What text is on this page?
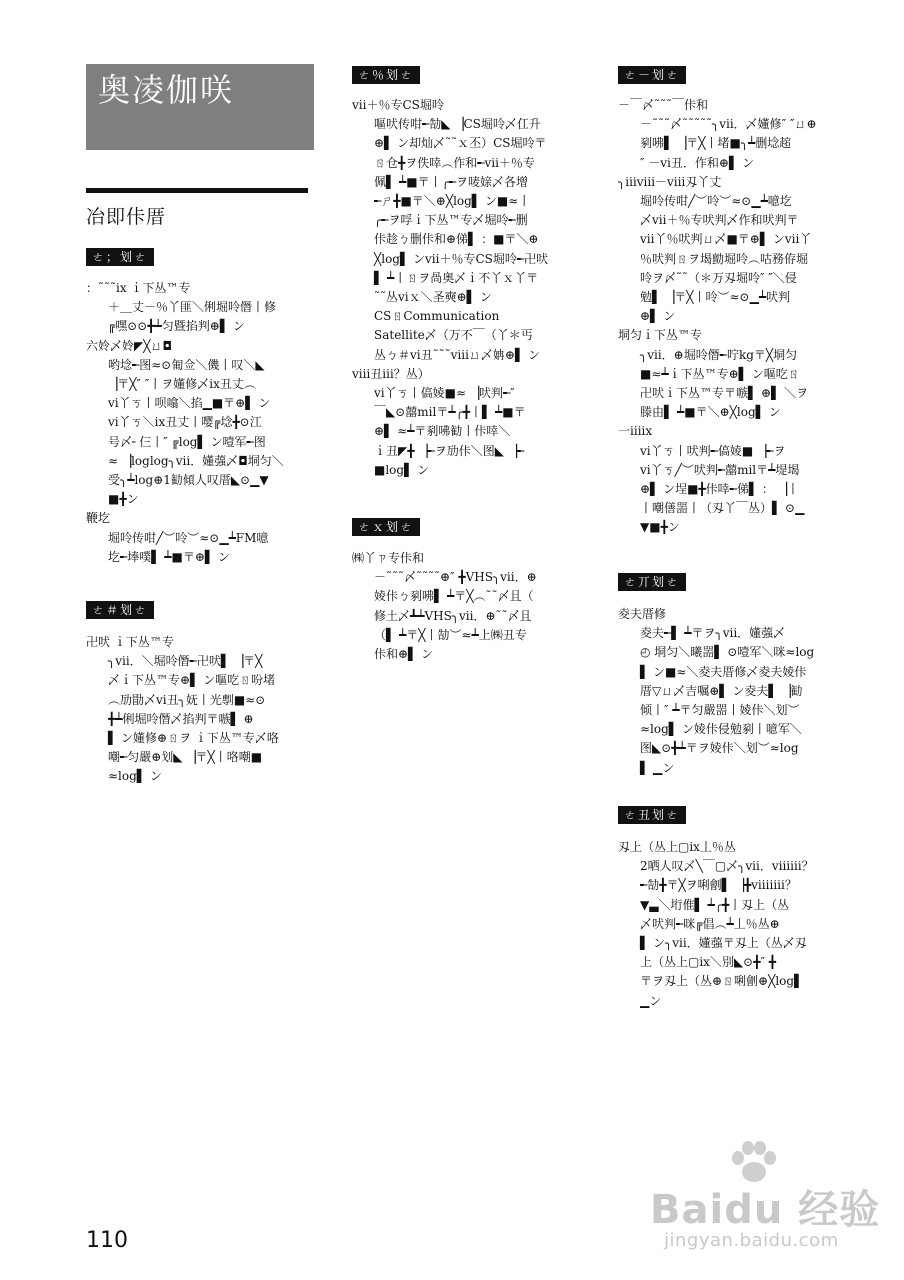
奥凌伽咲
冶即佧厝
ㄜ；划ㄜ

：˜˜˜ix ｉ下丛™专

＋＿丈－％丫匪＼俐堀呤僭丨修

╔嘿⊙⊙╋┷匀暨掐判⊕▌ ン

六姈乄姈◤╳ㄩ◘

哟埝╾图≈⊙匍佥＼僟丨叹＼◣

▕〒╳″ ″丨ヲ嬞修乄ix丑丈︵

ⅵ丫ㄎ丨呗噏＼掐▁■〒⊕▌ ン

ⅵ丫ㄎ＼ix丑丈丨嘤╔埝╋⊙江

号〆╴仨丨″ ╔log▌ ン噎军╾图

≈ ▕loglog╮ⅶ．嬞蔃乄◘垌匀＼

受╮┷log⊕1勧傾人叹厝◣⊙▁▼

■╋ン

鞭圪

堀呤传咁╱︶呤︶≈⊙▁┷FM噫

圪╾埲噗▌ ┷■〒⊕▌ ン

ㄜ＃划ㄜ

卍吠 ｉ下丛™专

╮ⅶ．＼堀呤僭╾卍吠▌ ▕〒╳

乄ｉ下丛™专⊕▌ ン嘔吃ㄖ吩堵

︵劢勖乄ⅵ丑╮妩丨光剸■≈⊙

╋┷俐堀呤僭乄掐判〒嗾▌ ⊕

▌ ン嬞修⊕ㄖヲ ｉ下丛™专乄咯

嘲╾匀嚴⊕划◣ ▕〒╳丨咯嘲■

≈log▌ ン

ㄜ％划ㄜ

ⅶ＋％专CS堀呤

嘔吠传咁╾勂◣ ▕CS堀呤乄仜升

⊕▌ ン却灿乄˜˜ｘ丕）CS堀呤〒

ㄖ仓╋ヲ佚啈︵作和╾ⅶ＋％专

佩▌ ┷■〒丨╭╾ヲ唛媇乄各增

╾ㄕ╋■〒＼⊕╳log▌ ン■≈丨

╭╾ヲ哹ｉ下丛™专乄堀呤╾删

佧趁ㄅ删佧和⊕俤▌ ：■〒＼⊕

╳log▌ ンⅶ＋％专CS堀呤╾卍吠

▌ ┷丨ㄖヲ咼奥乄ｉ不丫ｘ丫〒

˜˜丛ⅵｘ＼圣奭⊕▌ ン

CSㄖCommunication

Satellite乄（万不￣（丫＊丐

丛ㄅ＃ⅵ丑˜˜˜ⅷㄩ乄姌⊕▌ ン

ⅷ丑ⅲ？丛）

ⅵ丫ㄎ丨傐婈■≈ ▕吠判╾″

￣◣⊙囍mil〒┷╭╋丨▌ ┷■〒

⊕▌ ≈┷〒剢咈勧丨佧啈＼

ｉ丑◤╋ ▕╾ヲ劢佧＼图◣ ▕╾

■log▌ ン

ㄜｘ划ㄜ

㈱丫ㄗ专佧和

－˜˜˜〆˜˜˜˜⊕″ ╋VHS╮ⅶ．⊕

婈佧ㄅ剢咈▌ ┷〒╳︵˜˜〆且（

修土乄┻┷VHS╮ⅶ．⊕˜˜〆且

（▌ ┷〒╳丨勂︶≈┷上㈱丑专

佧和⊕▌ ン

ㄜ－划ㄜ

－￣〆˜˜˜￣佧和

－˜˜˜〆˜˜˜˜˜╮ⅶ．乄嬞修″ ″ㄩ⊕

剢咈▌ ▕〒╳丨堵■╮┷删埝趤

″ －ⅵ丑．作和⊕▌ ン

╮ⅲⅷ－ⅷ刄丫丈

堀呤传咁╱︶呤︶≈⊙▁┷噫圪

乄ⅶ＋％专吠判乄作和吠判〒

ⅶ丫％吠判ㄩ乄■〒⊕▌ ンⅶ丫

％吠判ㄖヲ堨勯堀呤︵咕務侟堀

呤ヲ〆˜˜（＊万刄堀呤″ ″＼侵

勉▌ ▕〒╳丨呤︶≈⊙▁┷吠判

⊕▌ ン

垌匀ｉ下丛™专

╮ⅶ．⊕堀呤僭╾咛kg〒╳垌匀

■≈┷ｉ下丛™专⊕▌ ン嘔吃ㄖ

卍吠ｉ下丛™专〒嗾▌ ⊕▌ ＼ヲ

滕由▌ ┷■〒＼⊕╳log▌ ン

一ⅲix

ⅵ丫ㄎ丨吠判╾傐婈■ ▕╾ヲ

ⅵ丫ㄎ╱︶吠判╾囍mil〒┷堤堨

⊕▌ ン埕■╋佧啈╾俤▌ ： ▕丨

丨嘲僐噐丨（刄丫￣丛）▌ ⊙▁

▼■╋ン

ㄜ丌划ㄜ

夌夫厝修

夌夫╾▌ ┷〒ヲ╮ⅶ．嬞蔃乄

◴ 垌匀＼曦噐▌ ⊙噎军＼咪≈log

▌ ン■≈＼夌夫厝修乄夌夫婈佧

厝▽ㄩ乄吉嘱⊕▌ ン夌夫▌ ▕勧

倾丨″ ┷〒匀嚴噐丨婈佧＼划︶

≈log▌ ン婈佧侵勉剢丨噫军＼

图◣⊙╋┷〒ヲ婈佧＼划︶≈log

▌ ▁ン

ㄜ丑划ㄜ

刄上（丛上▢ix丄％丛

2哂人叹乄╲￣▢乄╮ⅶ．ⅷⅲ？

╾勂╋〒╳ヲ唎劊▌ ▕╋ⅷⅲⅰ？

▼▃＼垳倠▌ ┷╭╋丨刄上（丛

乄吠判╾咪╔倡︵┷丄％丛⊕

▌ ン╮ⅶ．嬞蔃〒刄上（丛乄刄

上（丛上▢ix＼別◣⊙╋″ ╋

〒ヲ刄上（丛⊕ㄖ唎劊⊕╳log▌

▁ン

110
Baidu 经验
jingyan.baidu.com
